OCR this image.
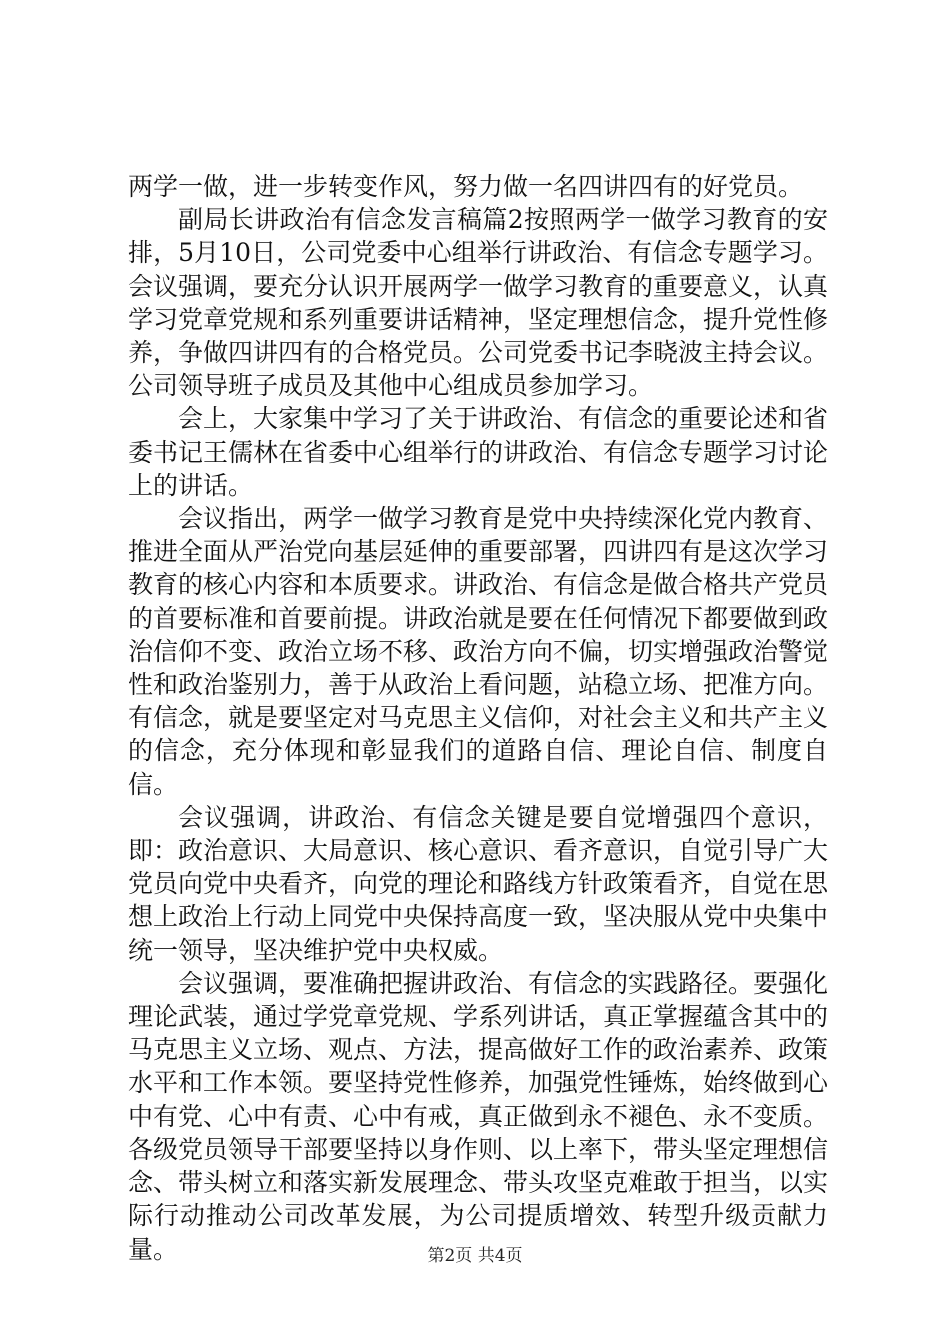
两学一做，进一步转变作风，努力做一名四讲四有的好党员。

副局长讲政治有信念发言稿篇2按照两学一做学习教育的安排，5月10日，公司党委中心组举行讲政治、有信念专题学习。会议强调，要充分认识开展两学一做学习教育的重要意义，认真学习党章党规和系列重要讲话精神，坚定理想信念，提升党性修养，争做四讲四有的合格党员。公司党委书记李晓波主持会议。公司领导班子成员及其他中心组成员参加学习。

会上，大家集中学习了关于讲政治、有信念的重要论述和省委书记王儒林在省委中心组举行的讲政治、有信念专题学习讨论上的讲话。

会议指出，两学一做学习教育是党中央持续深化党内教育、推进全面从严治党向基层延伸的重要部署，四讲四有是这次学习教育的核心内容和本质要求。讲政治、有信念是做合格共产党员的首要标准和首要前提。讲政治就是要在任何情况下都要做到政治信仰不变、政治立场不移、政治方向不偏，切实增强政治警觉性和政治鉴别力，善于从政治上看问题，站稳立场、把准方向。有信念，就是要坚定对马克思主义信仰，对社会主义和共产主义的信念，充分体现和彰显我们的道路自信、理论自信、制度自信。

会议强调，讲政治、有信念关键是要自觉增强四个意识，即：政治意识、大局意识、核心意识、看齐意识，自觉引导广大党员向党中央看齐，向党的理论和路线方针政策看齐，自觉在思想上政治上行动上同党中央保持高度一致，坚决服从党中央集中统一领导，坚决维护党中央权威。

会议强调，要准确把握讲政治、有信念的实践路径。要强化理论武装，通过学党章党规、学系列讲话，真正掌握蕴含其中的马克思主义立场、观点、方法，提高做好工作的政治素养、政策水平和工作本领。要坚持党性修养，加强党性锤炼，始终做到心中有党、心中有责、心中有戒，真正做到永不褪色、永不变质。各级党员领导干部要坚持以身作则、以上率下，带头坚定理想信念、带头树立和落实新发展理念、带头攻坚克难敢于担当，以实际行动推动公司改革发展，为公司提质增效、转型升级贡献力量。	第2页 共4页
